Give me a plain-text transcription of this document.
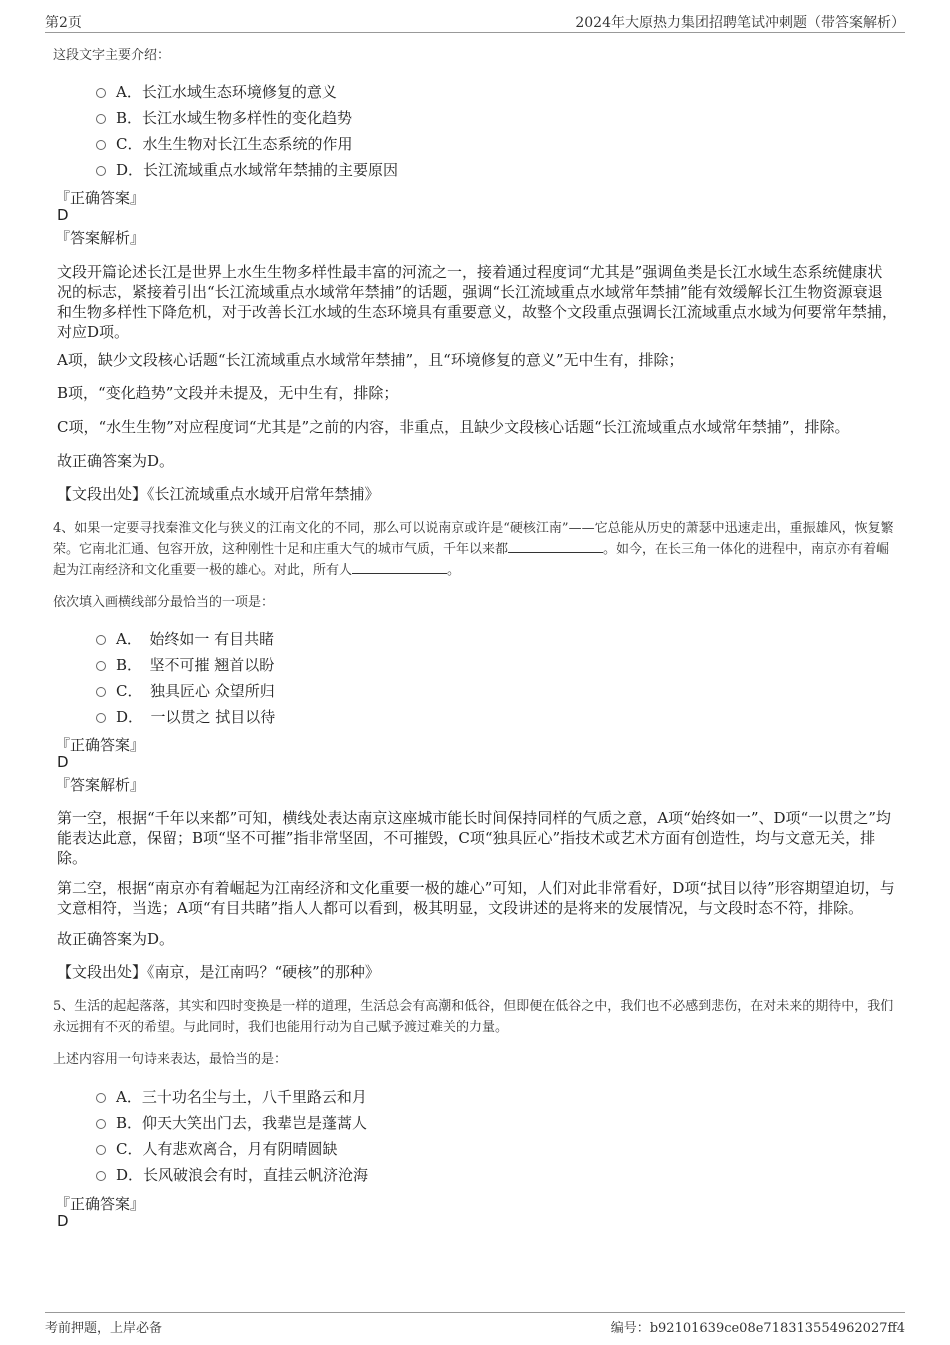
第2页	2024年大原热力集团招聘笔试冲刺题（带答案解析）
这段文字主要介绍：
A．长江水域生态环境修复的意义
B．长江水域生物多样性的变化趋势
C．水生生物对长江生态系统的作用
D．长江流域重点水域常年禁捕的主要原因
『正确答案』
D
『答案解析』
文段开篇论述长江是世界上水生生物多样性最丰富的河流之一，接着通过程度词“尤其是”强调鱼类是长江水域生态系统健康状况的标志，紧接着引出“长江流域重点水域常年禁捕”的话题，强调“长江流域重点水域常年禁捕”能有效缓解长江生物资源衰退和生物多样性下降危机，对于改善长江水域的生态环境具有重要意义，故整个文段重点强调长江流域重点水域为何要常年禁捕，对应D项。
A项，缺少文段核心话题“长江流域重点水域常年禁捕”，且“环境修复的意义”无中生有，排除；
B项，“变化趋势”文段并未提及，无中生有，排除；
C项，“水生生物”对应程度词“尤其是”之前的内容，非重点，且缺少文段核心话题“长江流域重点水域常年禁捕”，排除。
故正确答案为D。
【文段出处】《长江流域重点水域开启常年禁捕》
4、如果一定要寻找秦淮文化与狭义的江南文化的不同，那么可以说南京或许是“硬核江南”——它总能从历史的萧瑟中迅速走出，重振雄风，恢复繁荣。它南北汇通、包容开放，这种刚性十足和庄重大气的城市气质，千年以来都	。如今，在长三角一体化的进程中，南京亦有着崛起为江南经济和文化重要一极的雄心。对此，所有人	。
依次填入画横线部分最恰当的一项是：
A．　始终如一 有目共睹
B．　坚不可摧 翘首以盼
C．　独具匠心 众望所归
D．　一以贯之 拭目以待
『正确答案』
D
『答案解析』
第一空，根据“千年以来都”可知，横线处表达南京这座城市能长时间保持同样的气质之意，A项“始终如一”、D项“一以贯之”均能表达此意，保留；B项“坚不可摧”指非常坚固，不可摧毁，C项“独具匠心”指技术或艺术方面有创造性，均与文意无关，排除。
第二空，根据“南京亦有着崛起为江南经济和文化重要一极的雄心”可知，人们对此非常看好，D项“拭目以待”形容期望迫切，与文意相符，当选；A项“有目共睹”指人人都可以看到，极其明显，文段讲述的是将来的发展情况，与文段时态不符，排除。
故正确答案为D。
【文段出处】《南京，是江南吗？“硬核”的那种》
5、生活的起起落落，其实和四时变换是一样的道理，生活总会有高潮和低谷，但即便在低谷之中，我们也不必感到悲伤，在对未来的期待中，我们永远拥有不灭的希望。与此同时，我们也能用行动为自己赋予渡过难关的力量。
上述内容用一句诗来表达，最恰当的是：
A．三十功名尘与土，八千里路云和月
B．仰天大笑出门去，我辈岂是蓬蒿人
C．人有悲欢离合，月有阴晴圆缺
D．长风破浪会有时，直挂云帆济沧海
『正确答案』
D
考前押题，上岸必备	编号：b92101639ce08e718313554962027ff4
